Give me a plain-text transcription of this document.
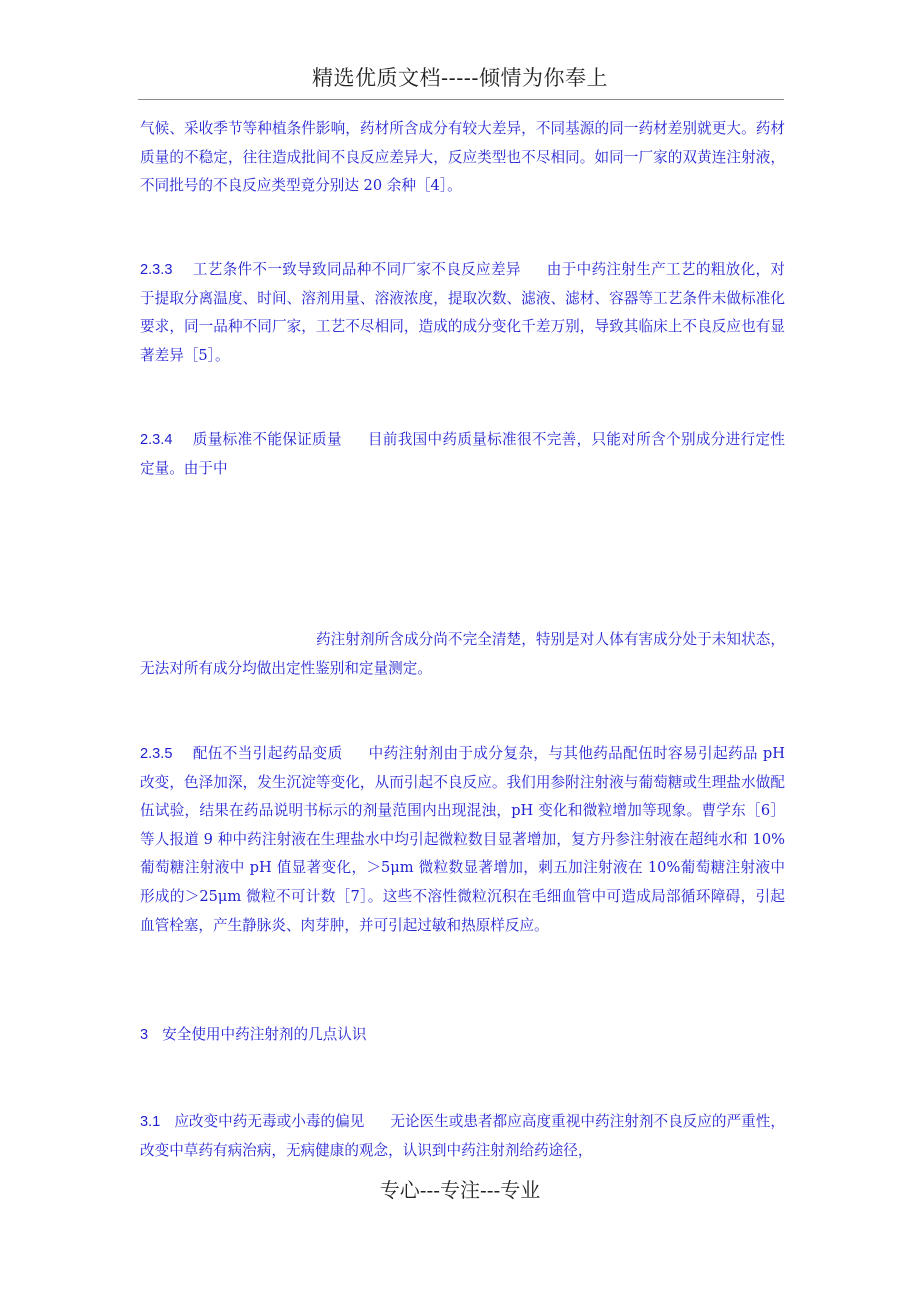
精选优质文档-----倾情为你奉上
气候、采收季节等种植条件影响，药材所含成分有较大差异，不同基源的同一药材差别就更大。药材质量的不稳定，往往造成批间不良反应差异大，反应类型也不尽相同。如同一厂家的双黄连注射液，不同批号的不良反应类型竟分别达 20 余种［4］。
2.3.3 工艺条件不一致导致同品种不同厂家不良反应差异 由于中药注射生产工艺的粗放化，对于提取分离温度、时间、溶剂用量、溶液浓度，提取次数、滤液、滤材、容器等工艺条件未做标准化要求，同一品种不同厂家，工艺不尽相同，造成的成分变化千差万别，导致其临床上不良反应也有显著差异［5］。
2.3.4 质量标准不能保证质量 目前我国中药质量标准很不完善，只能对所含个别成分进行定性定量。由于中
药注射剂所含成分尚不完全清楚，特别是对人体有害成分处于未知状态，无法对所有成分均做出定性鉴别和定量测定。
2.3.5 配伍不当引起药品变质 中药注射剂由于成分复杂，与其他药品配伍时容易引起药品 pH 改变，色泽加深，发生沉淀等变化，从而引起不良反应。我们用参附注射液与葡萄糖或生理盐水做配伍试验，结果在药品说明书标示的剂量范围内出现混浊，pH 变化和微粒增加等现象。曹学东［6］等人报道 9 种中药注射液在生理盐水中均引起微粒数目显著增加，复方丹参注射液在超纯水和 10%葡萄糖注射液中 pH 值显著变化，＞5μm 微粒数显著增加，刺五加注射液在 10%葡萄糖注射液中形成的＞25μm 微粒不可计数［7］。这些不溶性微粒沉积在毛细血管中可造成局部循环障碍，引起血管栓塞，产生静脉炎、肉芽肿，并可引起过敏和热原样反应。
3 安全使用中药注射剂的几点认识
3.1 应改变中药无毒或小毒的偏见 无论医生或患者都应高度重视中药注射剂不良反应的严重性，改变中草药有病治病，无病健康的观念，认识到中药注射剂给药途径，
专心---专注---专业
